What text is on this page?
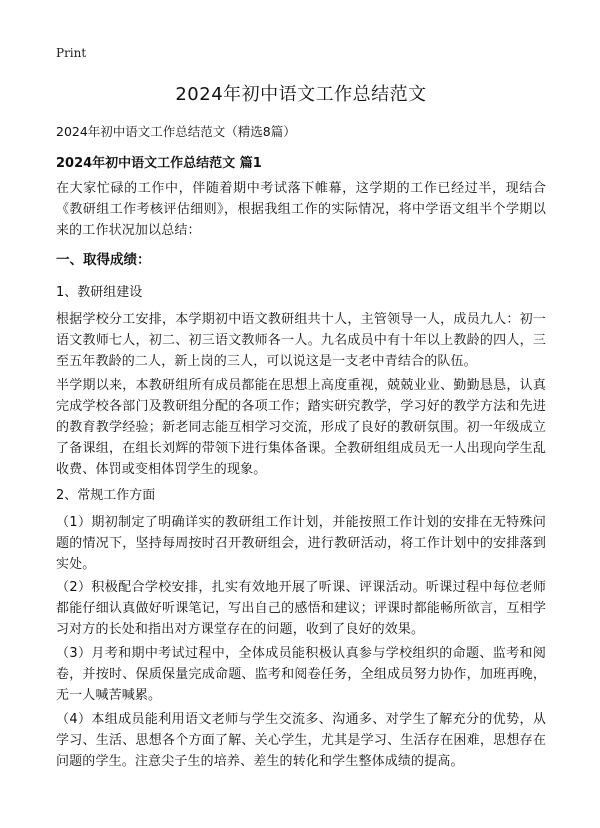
Print
2024年初中语文工作总结范文
2024年初中语文工作总结范文（精选8篇）
2024年初中语文工作总结范文 篇1

在大家忙碌的工作中，伴随着期中考试落下帷幕，这学期的工作已经过半，现结合《教研组工作考核评估细则》，根据我组工作的实际情况，将中学语文组半个学期以来的工作状况加以总结：

一、取得成绩：
1、教研组建设

根据学校分工安排，本学期初中语文教研组共十人，主管领导一人，成员九人：初一语文教师七人，初二、初三语文教师各一人。九名成员中有十年以上教龄的四人，三至五年教龄的二人，新上岗的三人，可以说这是一支老中青结合的队伍。

半学期以来，本教研组所有成员都能在思想上高度重视，兢兢业业、勤勤恳恳，认真完成学校各部门及教研组分配的各项工作；踏实研究教学，学习好的教学方法和先进的教育教学经验；新老同志能互相学习交流，形成了良好的教研氛围。初一年级成立了备课组，在组长刘辉的带领下进行集体备课。全教研组组成员无一人出现向学生乱收费、体罚或变相体罚学生的现象。

2、常规工作方面

（1）期初制定了明确详实的教研组工作计划，并能按照工作计划的安排在无特殊问题的情况下，坚持每周按时召开教研组会，进行教研活动，将工作计划中的安排落到实处。

（2）积极配合学校安排，扎实有效地开展了听课、评课活动。听课过程中每位老师都能仔细认真做好听课笔记，写出自己的感悟和建议；评课时都能畅所欲言，互相学习对方的长处和指出对方课堂存在的问题，收到了良好的效果。

（3）月考和期中考试过程中，全体成员能积极认真参与学校组织的命题、监考和阅卷，并按时、保质保量完成命题、监考和阅卷任务，全组成员努力协作，加班再晚，无一人喊苦喊累。

（4）本组成员能利用语文老师与学生交流多、沟通多、对学生了解充分的优势，从学习、生活、思想各个方面了解、关心学生，尤其是学习、生活存在困难，思想存在问题的学生。注意尖子生的培养、差生的转化和学生整体成绩的提高。
